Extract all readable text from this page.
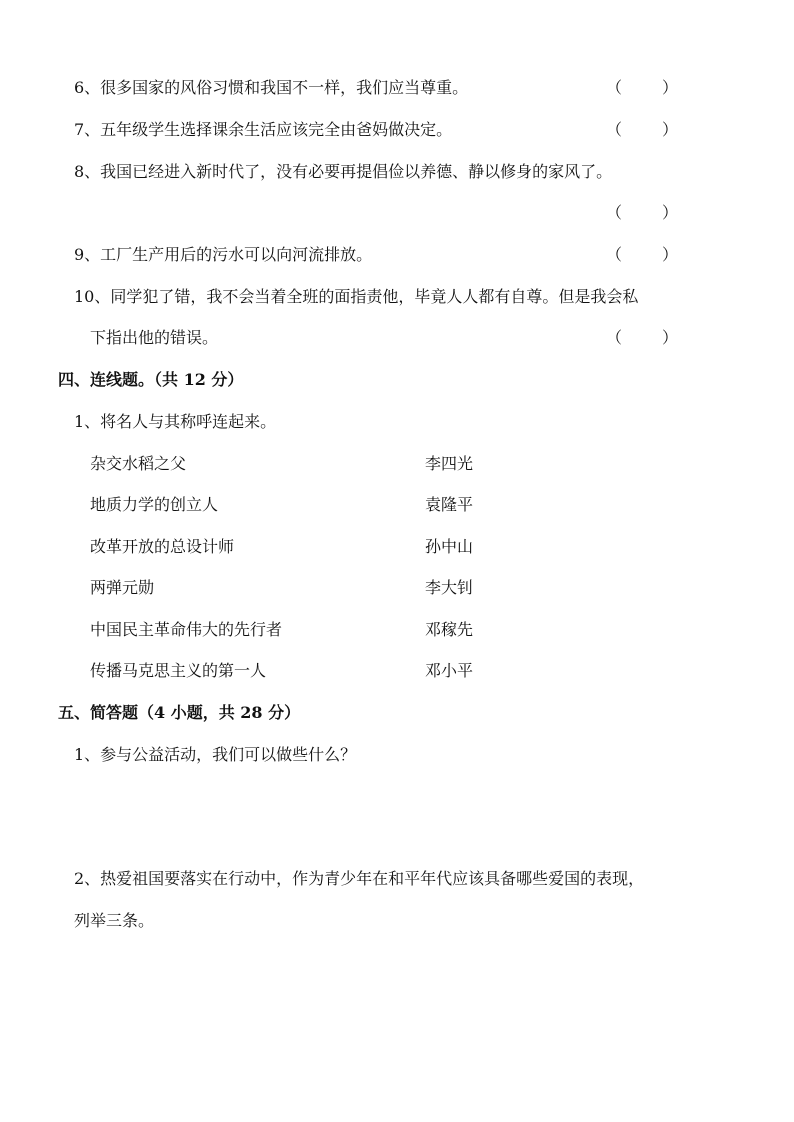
6、很多国家的风俗习惯和我国不一样，我们应当尊重。	（ ）
7、五年级学生选择课余生活应该完全由爸妈做决定。	（ ）
8、我国已经进入新时代了，没有必要再提倡俭以养德、静以修身的家风了。
（ ）
9、工厂生产用后的污水可以向河流排放。	（ ）
10、同学犯了错，我不会当着全班的面指责他，毕竟人人都有自尊。但是我会私
下指出他的错误。	（ ）
四、连线题。（共 12 分）
1、将名人与其称呼连起来。
杂交水稻之父	李四光
地质力学的创立人	袁隆平
改革开放的总设计师	孙中山
两弹元勋	李大钊
中国民主革命伟大的先行者	邓稼先
传播马克思主义的第一人	邓小平
五、简答题（4 小题，共 28 分）
1、参与公益活动，我们可以做些什么？
2、热爱祖国要落实在行动中，作为青少年在和平年代应该具备哪些爱国的表现，
列举三条。
